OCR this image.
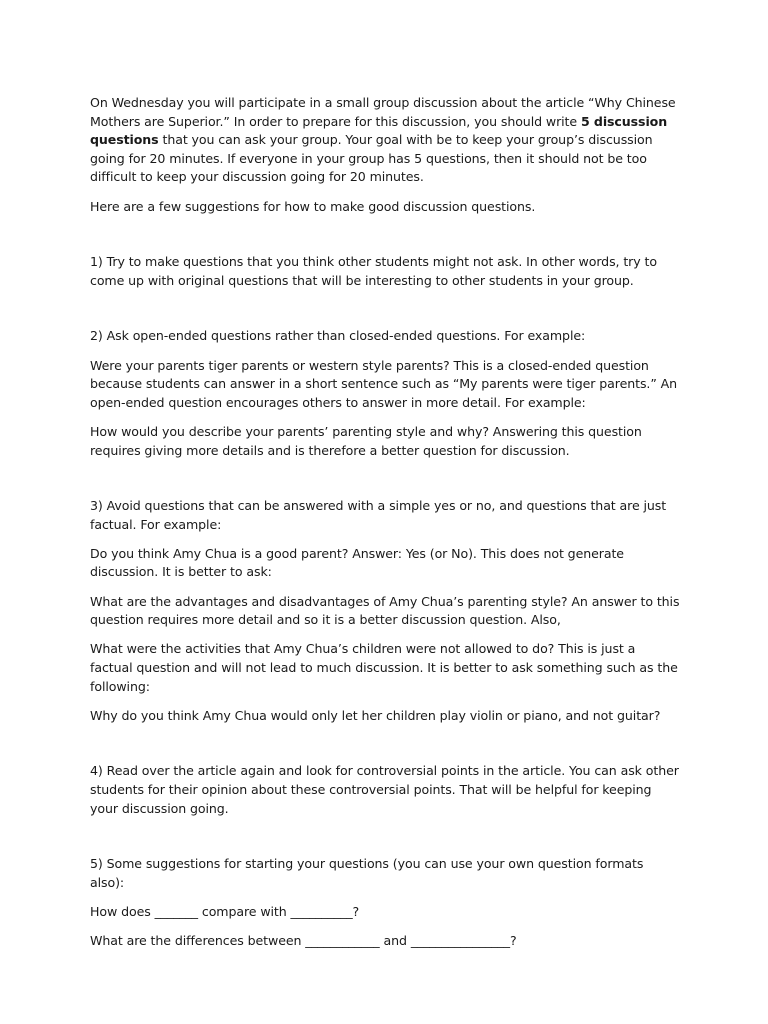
On Wednesday you will participate in a small group discussion about the article “Why Chinese Mothers are Superior.” In order to prepare for this discussion, you should write 5 discussion questions that you can ask your group. Your goal with be to keep your group’s discussion going for 20 minutes. If everyone in your group has 5 questions, then it should not be too difficult to keep your discussion going for 20 minutes.

Here are a few suggestions for how to make good discussion questions.

1) Try to make questions that you think other students might not ask. In other words, try to come up with original questions that will be interesting to other students in your group.

2) Ask open-ended questions rather than closed-ended questions. For example:

Were your parents tiger parents or western style parents? This is a closed-ended question because students can answer in a short sentence such as “My parents were tiger parents.” An open-ended question encourages others to answer in more detail. For example:

How would you describe your parents’ parenting style and why? Answering this question requires giving more details and is therefore a better question for discussion.

3) Avoid questions that can be answered with a simple yes or no, and questions that are just factual. For example:

Do you think Amy Chua is a good parent? Answer: Yes (or No). This does not generate discussion. It is better to ask:

What are the advantages and disadvantages of Amy Chua’s parenting style? An answer to this question requires more detail and so it is a better discussion question. Also,

What were the activities that Amy Chua’s children were not allowed to do? This is just a factual question and will not lead to much discussion. It is better to ask something such as the following:

Why do you think Amy Chua would only let her children play violin or piano, and not guitar?

4) Read over the article again and look for controversial points in the article. You can ask other students for their opinion about these controversial points. That will be helpful for keeping your discussion going.

5) Some suggestions for starting your questions (you can use your own question formats also):

How does _______ compare with __________?

What are the differences between ____________ and ________________?
